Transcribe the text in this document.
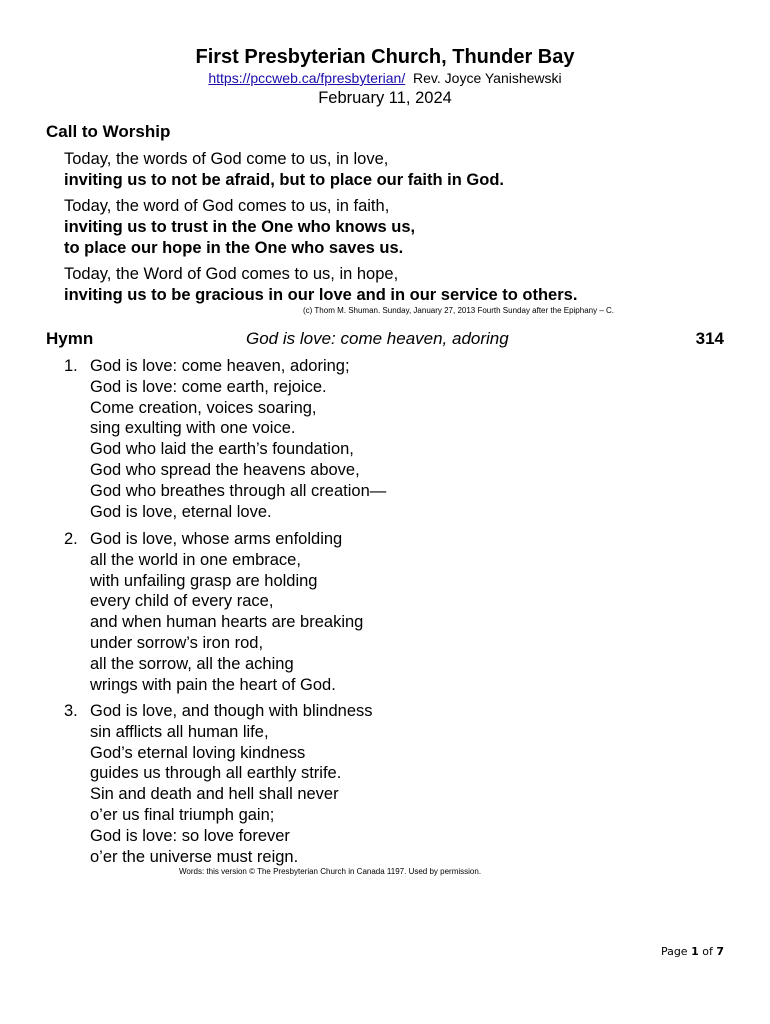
First Presbyterian Church, Thunder Bay
https://pccweb.ca/fpresbyterian/ Rev. Joyce Yanishewski
February 11, 2024
Call to Worship
Today, the words of God come to us, in love,
inviting us to not be afraid, but to place our faith in God.
Today, the word of God comes to us, in faith,
inviting us to trust in the One who knows us,
to place our hope in the One who saves us.
Today, the Word of God comes to us, in hope,
inviting us to be gracious in our love and in our service to others.
(c) Thom M. Shuman. Sunday, January 27, 2013 Fourth Sunday after the Epiphany – C.
Hymn	God is love: come heaven, adoring	314
1. God is love: come heaven, adoring;
God is love: come earth, rejoice.
Come creation, voices soaring,
sing exulting with one voice.
God who laid the earth’s foundation,
God who spread the heavens above,
God who breathes through all creation—
God is love, eternal love.
2. God is love, whose arms enfolding
all the world in one embrace,
with unfailing grasp are holding
every child of every race,
and when human hearts are breaking
under sorrow’s iron rod,
all the sorrow, all the aching
wrings with pain the heart of God.
3. God is love, and though with blindness
sin afflicts all human life,
God’s eternal loving kindness
guides us through all earthly strife.
Sin and death and hell shall never
o’er us final triumph gain;
God is love: so love forever
o’er the universe must reign.
Words: this version © The Presbyterian Church in Canada 1197. Used by permission.
Page 1 of 7
